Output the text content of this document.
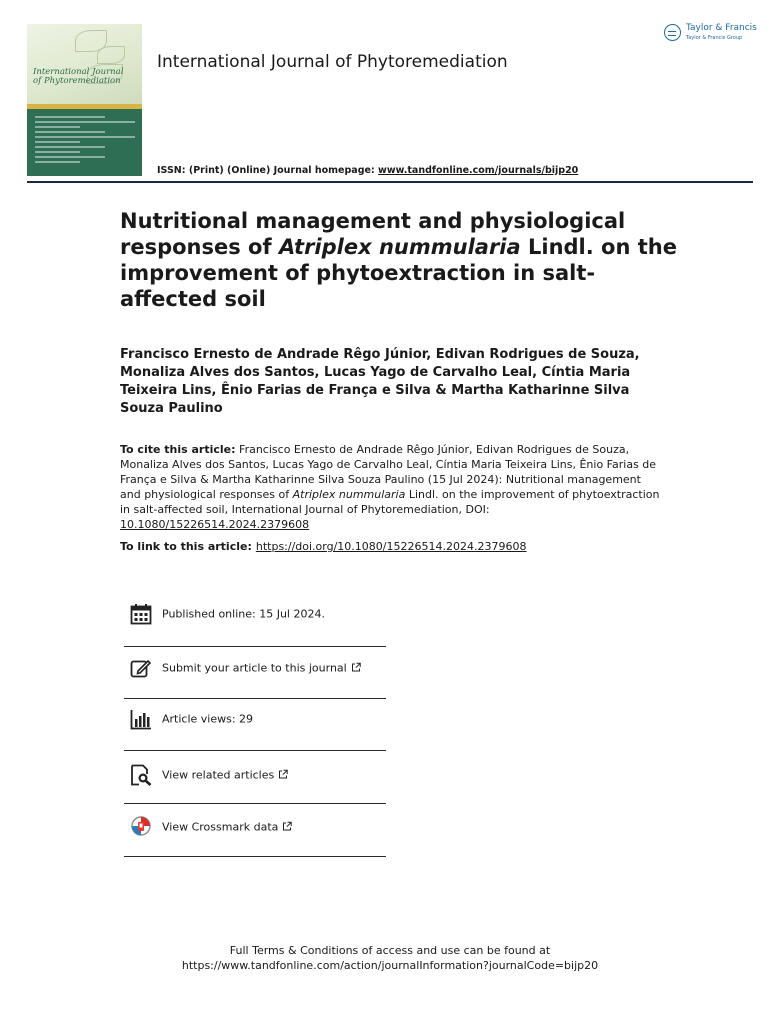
International Journal of Phytoremediation
International Journal of Phytoremediation
Taylor & Francis
Taylor & Francis Group
ISSN: (Print) (Online) Journal homepage: www.tandfonline.com/journals/bijp20
Nutritional management and physiological responses of Atriplex nummularia Lindl. on the improvement of phytoextraction in salt-affected soil

Francisco Ernesto de Andrade Rêgo Júnior, Edivan Rodrigues de Souza, Monaliza Alves dos Santos, Lucas Yago de Carvalho Leal, Cíntia Maria Teixeira Lins, Ênio Farias de França e Silva & Martha Katharinne Silva Souza Paulino

To cite this article: Francisco Ernesto de Andrade Rêgo Júnior, Edivan Rodrigues de Souza, Monaliza Alves dos Santos, Lucas Yago de Carvalho Leal, Cíntia Maria Teixeira Lins, Ênio Farias de França e Silva & Martha Katharinne Silva Souza Paulino (15 Jul 2024): Nutritional management and physiological responses of Atriplex nummularia Lindl. on the improvement of phytoextraction in salt-affected soil, International Journal of Phytoremediation, DOI: 10.1080/15226514.2024.2379608
To link to this article: https://doi.org/10.1080/15226514.2024.2379608
Published online: 15 Jul 2024.
Submit your article to this journal
Article views: 29
View related articles
View Crossmark data
Full Terms & Conditions of access and use can be found at
https://www.tandfonline.com/action/journalInformation?journalCode=bijp20
